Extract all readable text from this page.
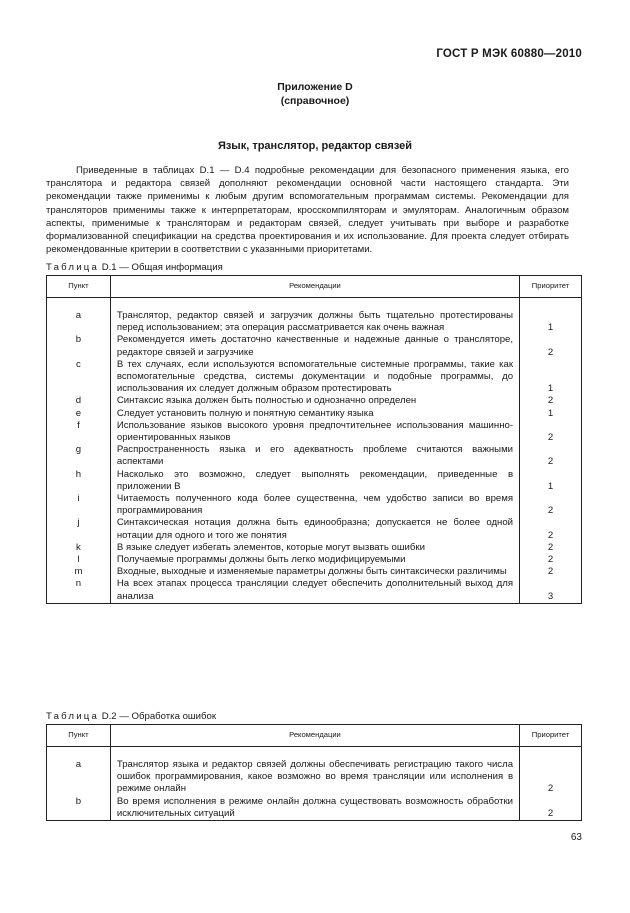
ГОСТ Р МЭК 60880—2010
Приложение D
(справочное)
Язык, транслятор, редактор связей

Приведенные в таблицах D.1 — D.4 подробные рекомендации для безопасного применения языка, его транслятора и редактора связей дополняют рекомендации основной части настоящего стандарта. Эти рекомендации также применимы к любым другим вспомогательным программам системы. Рекомендации для трансляторов применимы также к интерпретаторам, кросскомпиляторам и эмуляторам. Аналогичным образом аспекты, применимые к трансляторам и редакторам связей, следует учитывать при выборе и разработке формализованной спецификации на средства проектирования и их использование. Для проекта следует отбирать рекомендованные критерии в соответствии с указанными приоритетами.

Таблица D.1 — Общая информация
Пункт	Рекомендации	Приоритет

a	Транслятор, редактор связей и загрузчик должны быть тщательно протестированы перед использованием; эта операция рассматривается как очень важная	1
b	Рекомендуется иметь достаточно качественные и надежные данные о трансляторе, редакторе связей и загрузчике	2
c	В тех случаях, если используются вспомогательные системные программы, такие как вспомогательные средства, системы документации и подобные программы, до использования их следует должным образом протестировать	1
d	Синтаксис языка должен быть полностью и однозначно определен	2
e	Следует установить полную и понятную семантику языка	1
f	Использование языков высокого уровня предпочтительнее использования машинно-ориентированных языков	2
g	Распространенность языка и его адекватность проблеме считаются важными аспектами	2
h	Насколько это возможно, следует выполнять рекомендации, приведенные в приложении B	1
i	Читаемость полученного кода более существенна, чем удобство записи во время программирования	2
j	Синтаксическая нотация должна быть единообразна; допускается не более одной нотации для одного и того же понятия	2
k	В языке следует избегать элементов, которые могут вызвать ошибки	2
l	Получаемые программы должны быть легко модифицируемыми	2
m	Входные, выходные и изменяемые параметры должны быть синтаксически различимы	2
n	На всех этапах процесса трансляции следует обеспечить дополнительный выход для анализа	3
Таблица D.2 — Обработка ошибок
Пункт	Рекомендации	Приоритет

a	Транслятор языка и редактор связей должны обеспечивать регистрацию такого числа ошибок программирования, какое возможно во время трансляции или исполнения в режиме онлайн	2
b	Во время исполнения в режиме онлайн должна существовать возможность обработки исключительных ситуаций	2
63
